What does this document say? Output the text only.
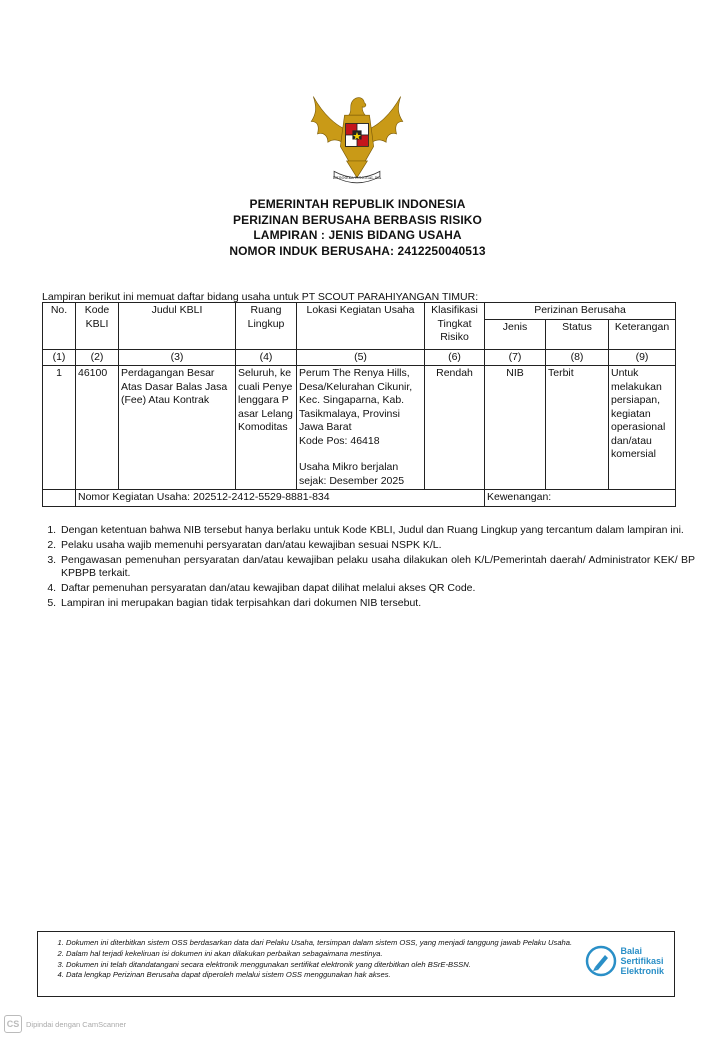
BHINNEKA TUNGGAL IKA
PEMERINTAH REPUBLIK INDONESIA
PERIZINAN BERUSAHA BERBASIS RISIKO
LAMPIRAN : JENIS BIDANG USAHA
NOMOR INDUK BERUSAHA: 2412250040513
Lampiran berikut ini memuat daftar bidang usaha untuk PT SCOUT PARAHIYANGAN TIMUR:
No.	Kode KBLI	Judul KBLI	Ruang Lingkup	Lokasi Kegiatan Usaha	Klasifikasi Tingkat Risiko	Perizinan Berusaha		
						Jenis	Status	Keterangan
(1)	(2)	(3)	(4)	(5)	(6)	(7)	(8)	(9)
1	46100	Perdagangan Besar Atas Dasar Balas Jasa (Fee) Atau Kontrak	Seluruh, kecuali Penyelenggara Pasar Lelang Komoditas	Perum The Renya Hills, Desa/Kelurahan Cikunir, Kec. Singaparna, Kab. Tasikmalaya, Provinsi Jawa Barat
Kode Pos: 46418
Usaha Mikro berjalan sejak: Desember 2025	Rendah	NIB	Terbit	Untuk melakukan persiapan, kegiatan operasional dan/atau komersial
	Nomor Kegiatan Usaha: 202512-2412-5529-8881-834					Kewenangan:		
1. Dengan ketentuan bahwa NIB tersebut hanya berlaku untuk Kode KBLI, Judul dan Ruang Lingkup yang tercantum dalam lampiran ini.
2. Pelaku usaha wajib memenuhi persyaratan dan/atau kewajiban sesuai NSPK K/L.
3. Pengawasan pemenuhan persyaratan dan/atau kewajiban pelaku usaha dilakukan oleh K/L/Pemerintah daerah/ Administrator KEK/ BP KPBPB terkait.
4. Daftar pemenuhan persyaratan dan/atau kewajiban dapat dilihat melalui akses QR Code.
5. Lampiran ini merupakan bagian tidak terpisahkan dari dokumen NIB tersebut.
1. Dokumen ini diterbitkan sistem OSS berdasarkan data dari Pelaku Usaha, tersimpan dalam sistem OSS, yang menjadi tanggung jawab Pelaku Usaha.
2. Dalam hal terjadi kekeliruan isi dokumen ini akan dilakukan perbaikan sebagaimana mestinya.
3. Dokumen ini telah ditandatangani secara elektronik menggunakan sertifikat elektronik yang diterbitkan oleh BSrE-BSSN.
4. Data lengkap Perizinan Berusaha dapat diperoleh melalui sistem OSS menggunakan hak akses.
Balai
Sertifikasi
Elektronik
CS Dipindai dengan CamScanner
